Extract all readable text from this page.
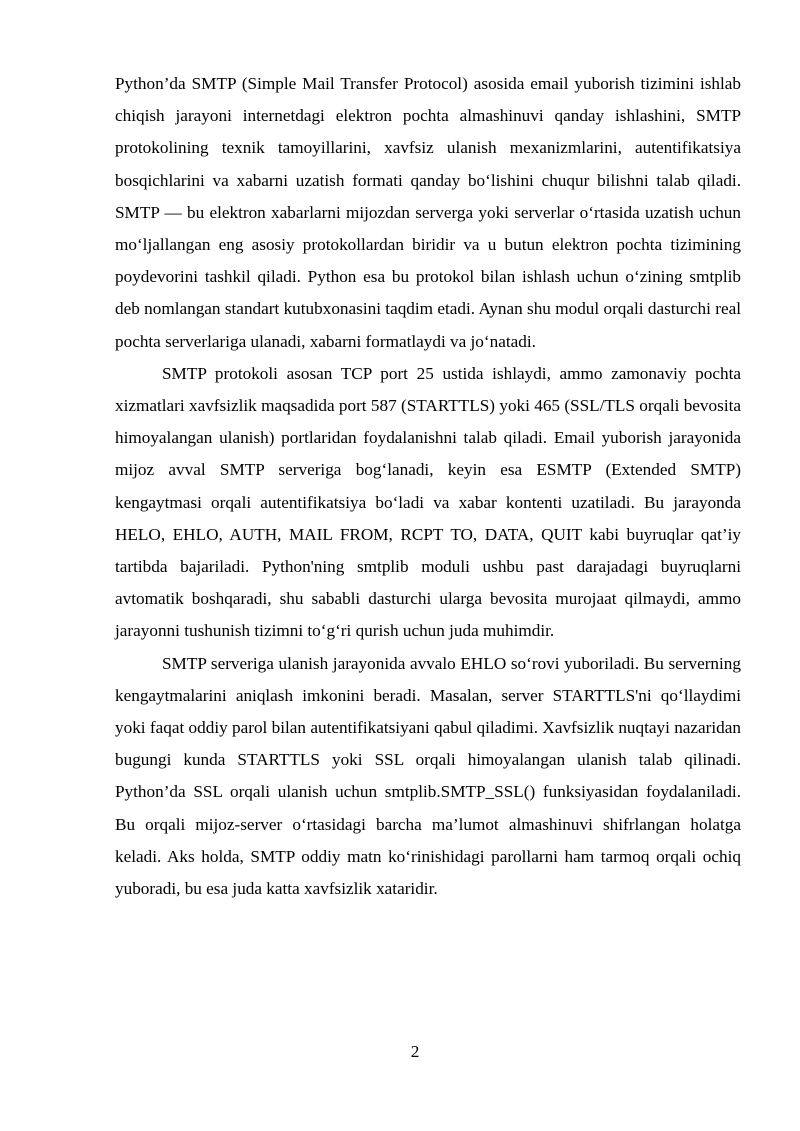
Python’da SMTP (Simple Mail Transfer Protocol) asosida email yuborish tizimini ishlab chiqish jarayoni internetdagi elektron pochta almashinuvi qanday ishlashini, SMTP protokolining texnik tamoyillarini, xavfsiz ulanish mexanizmlarini, autentifikatsiya bosqichlarini va xabarni uzatish formati qanday boʻlishini chuqur bilishni talab qiladi. SMTP — bu elektron xabarlarni mijozdan serverga yoki serverlar oʻrtasida uzatish uchun moʻljallangan eng asosiy protokollardan biridir va u butun elektron pochta tizimining poydevorini tashkil qiladi. Python esa bu protokol bilan ishlash uchun oʻzining smtplib deb nomlangan standart kutubxonasini taqdim etadi. Aynan shu modul orqali dasturchi real pochta serverlariga ulanadi, xabarni formatlaydi va joʻnatadi.

SMTP protokoli asosan TCP port 25 ustida ishlaydi, ammo zamonaviy pochta xizmatlari xavfsizlik maqsadida port 587 (STARTTLS) yoki 465 (SSL/TLS orqali bevosita himoyalangan ulanish) portlaridan foydalanishni talab qiladi. Email yuborish jarayonida mijoz avval SMTP serveriga bogʻlanadi, keyin esa ESMTP (Extended SMTP) kengaytmasi orqali autentifikatsiya boʻladi va xabar kontenti uzatiladi. Bu jarayonda HELO, EHLO, AUTH, MAIL FROM, RCPT TO, DATA, QUIT kabi buyruqlar qat’iy tartibda bajariladi. Python'ning smtplib moduli ushbu past darajadagi buyruqlarni avtomatik boshqaradi, shu sababli dasturchi ularga bevosita murojaat qilmaydi, ammo jarayonni tushunish tizimni toʻgʻri qurish uchun juda muhimdir.

SMTP serveriga ulanish jarayonida avvalo EHLO soʻrovi yuboriladi. Bu serverning kengaytmalarini aniqlash imkonini beradi. Masalan, server STARTTLS'ni qoʻllaydimi yoki faqat oddiy parol bilan autentifikatsiyani qabul qiladimi. Xavfsizlik nuqtayi nazaridan bugungi kunda STARTTLS yoki SSL orqali himoyalangan ulanish talab qilinadi. Python’da SSL orqali ulanish uchun smtplib.SMTP_SSL() funksiyasidan foydalaniladi. Bu orqali mijoz-server oʻrtasidagi barcha ma’lumot almashinuvi shifrlangan holatga keladi. Aks holda, SMTP oddiy matn koʻrinishidagi parollarni ham tarmoq orqali ochiq yuboradi, bu esa juda katta xavfsizlik xataridir.

2
